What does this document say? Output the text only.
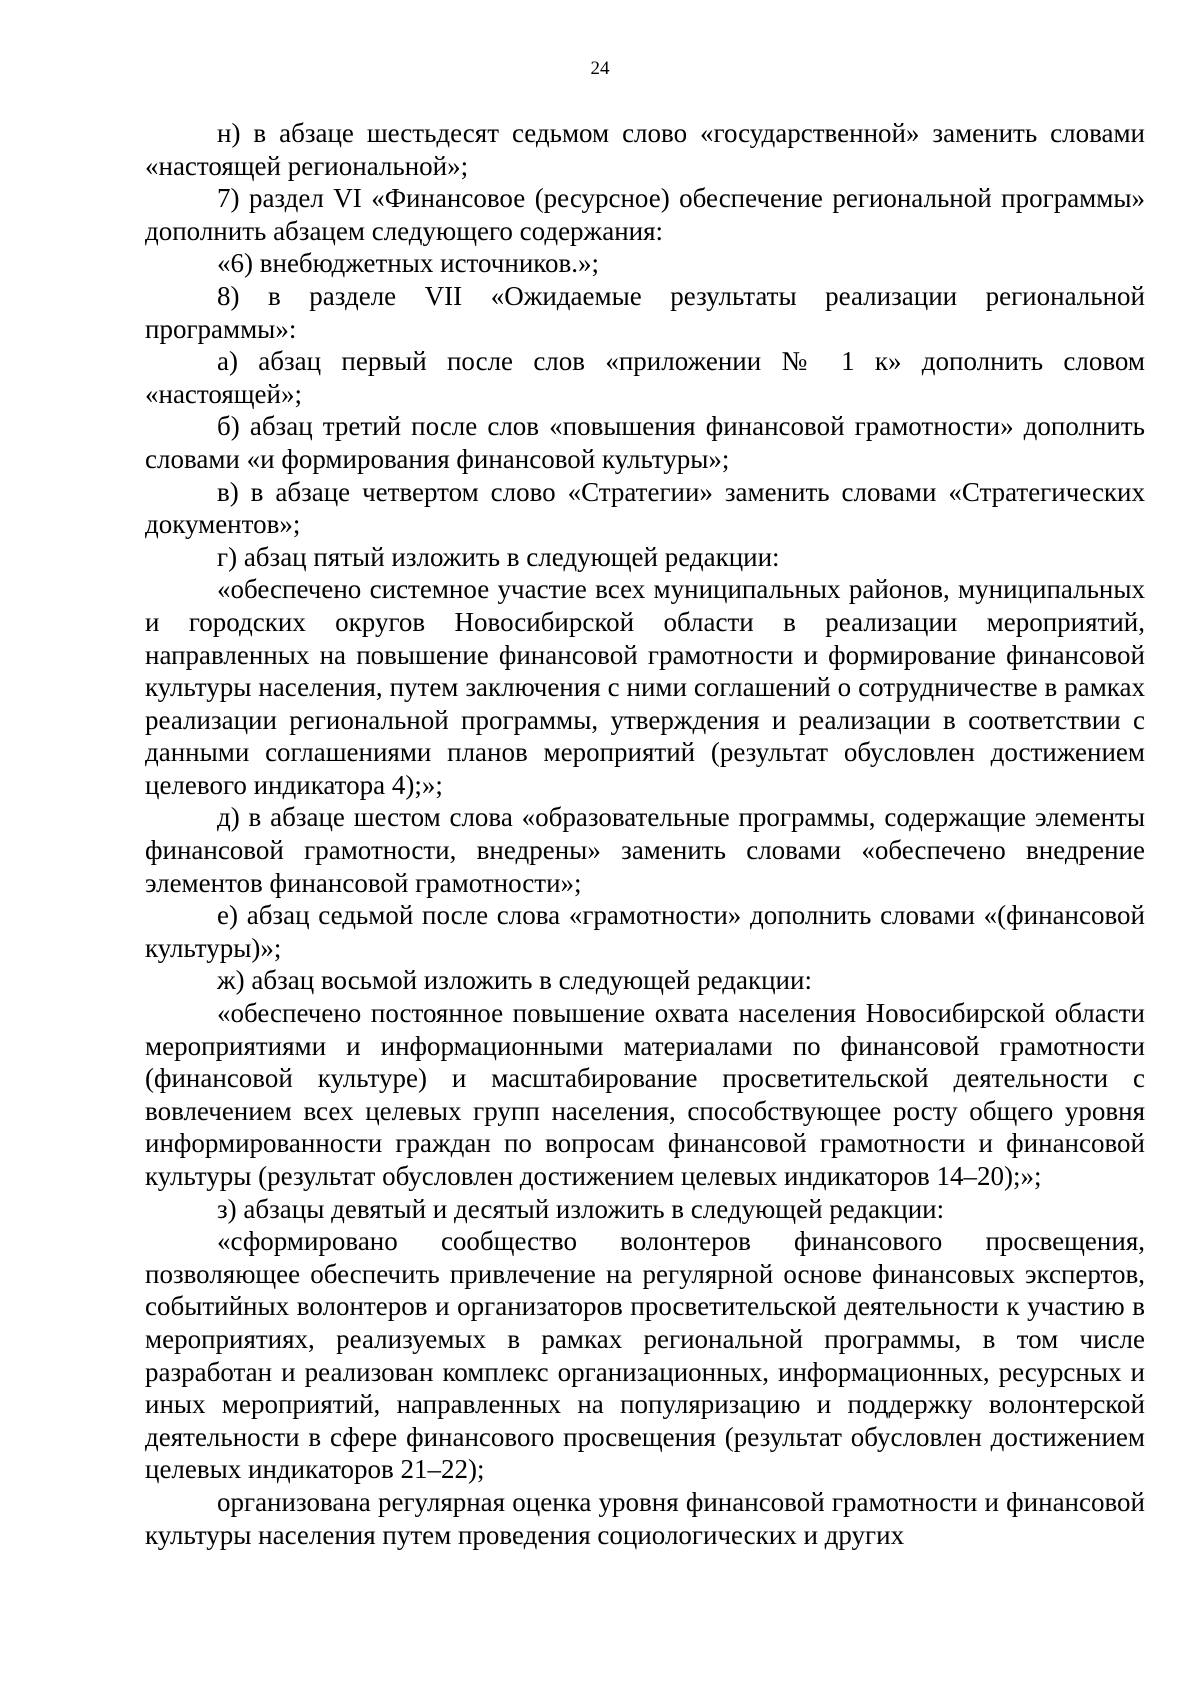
24

н) в абзаце шестьдесят седьмом слово «государственной» заменить словами «настоящей региональной»;

7) раздел VI «Финансовое (ресурсное) обеспечение региональной программы» дополнить абзацем следующего содержания:

«6) внебюджетных источников.»;

8) в разделе VII «Ожидаемые результаты реализации региональной программы»:

а) абзац первый после слов «приложении № 1 к» дополнить словом «настоящей»;

б) абзац третий после слов «повышения финансовой грамотности» дополнить словами «и формирования финансовой культуры»;

в) в абзаце четвертом слово «Стратегии» заменить словами «Стратегических документов»;

г) абзац пятый изложить в следующей редакции:

«обеспечено системное участие всех муниципальных районов, муниципальных и городских округов Новосибирской области в реализации мероприятий, направленных на повышение финансовой грамотности и формирование финансовой культуры населения, путем заключения с ними соглашений о сотрудничестве в рамках реализации региональной программы, утверждения и реализации в соответствии с данными соглашениями планов мероприятий (результат обусловлен достижением целевого индикатора 4);»;

д) в абзаце шестом слова «образовательные программы, содержащие элементы финансовой грамотности, внедрены» заменить словами «обеспечено внедрение элементов финансовой грамотности»;

е) абзац седьмой после слова «грамотности» дополнить словами «(финансовой культуры)»;

ж) абзац восьмой изложить в следующей редакции:

«обеспечено постоянное повышение охвата населения Новосибирской области мероприятиями и информационными материалами по финансовой грамотности (финансовой культуре) и масштабирование просветительской деятельности с вовлечением всех целевых групп населения, способствующее росту общего уровня информированности граждан по вопросам финансовой грамотности и финансовой культуры (результат обусловлен достижением целевых индикаторов 14–20);»;

з) абзацы девятый и десятый изложить в следующей редакции:

«сформировано сообщество волонтеров финансового просвещения, позволяющее обеспечить привлечение на регулярной основе финансовых экспертов, событийных волонтеров и организаторов просветительской деятельности к участию в мероприятиях, реализуемых в рамках региональной программы, в том числе разработан и реализован комплекс организационных, информационных, ресурсных и иных мероприятий, направленных на популяризацию и поддержку волонтерской деятельности в сфере финансового просвещения (результат обусловлен достижением целевых индикаторов 21–22);

организована регулярная оценка уровня финансовой грамотности и финансовой культуры населения путем проведения социологических и других
